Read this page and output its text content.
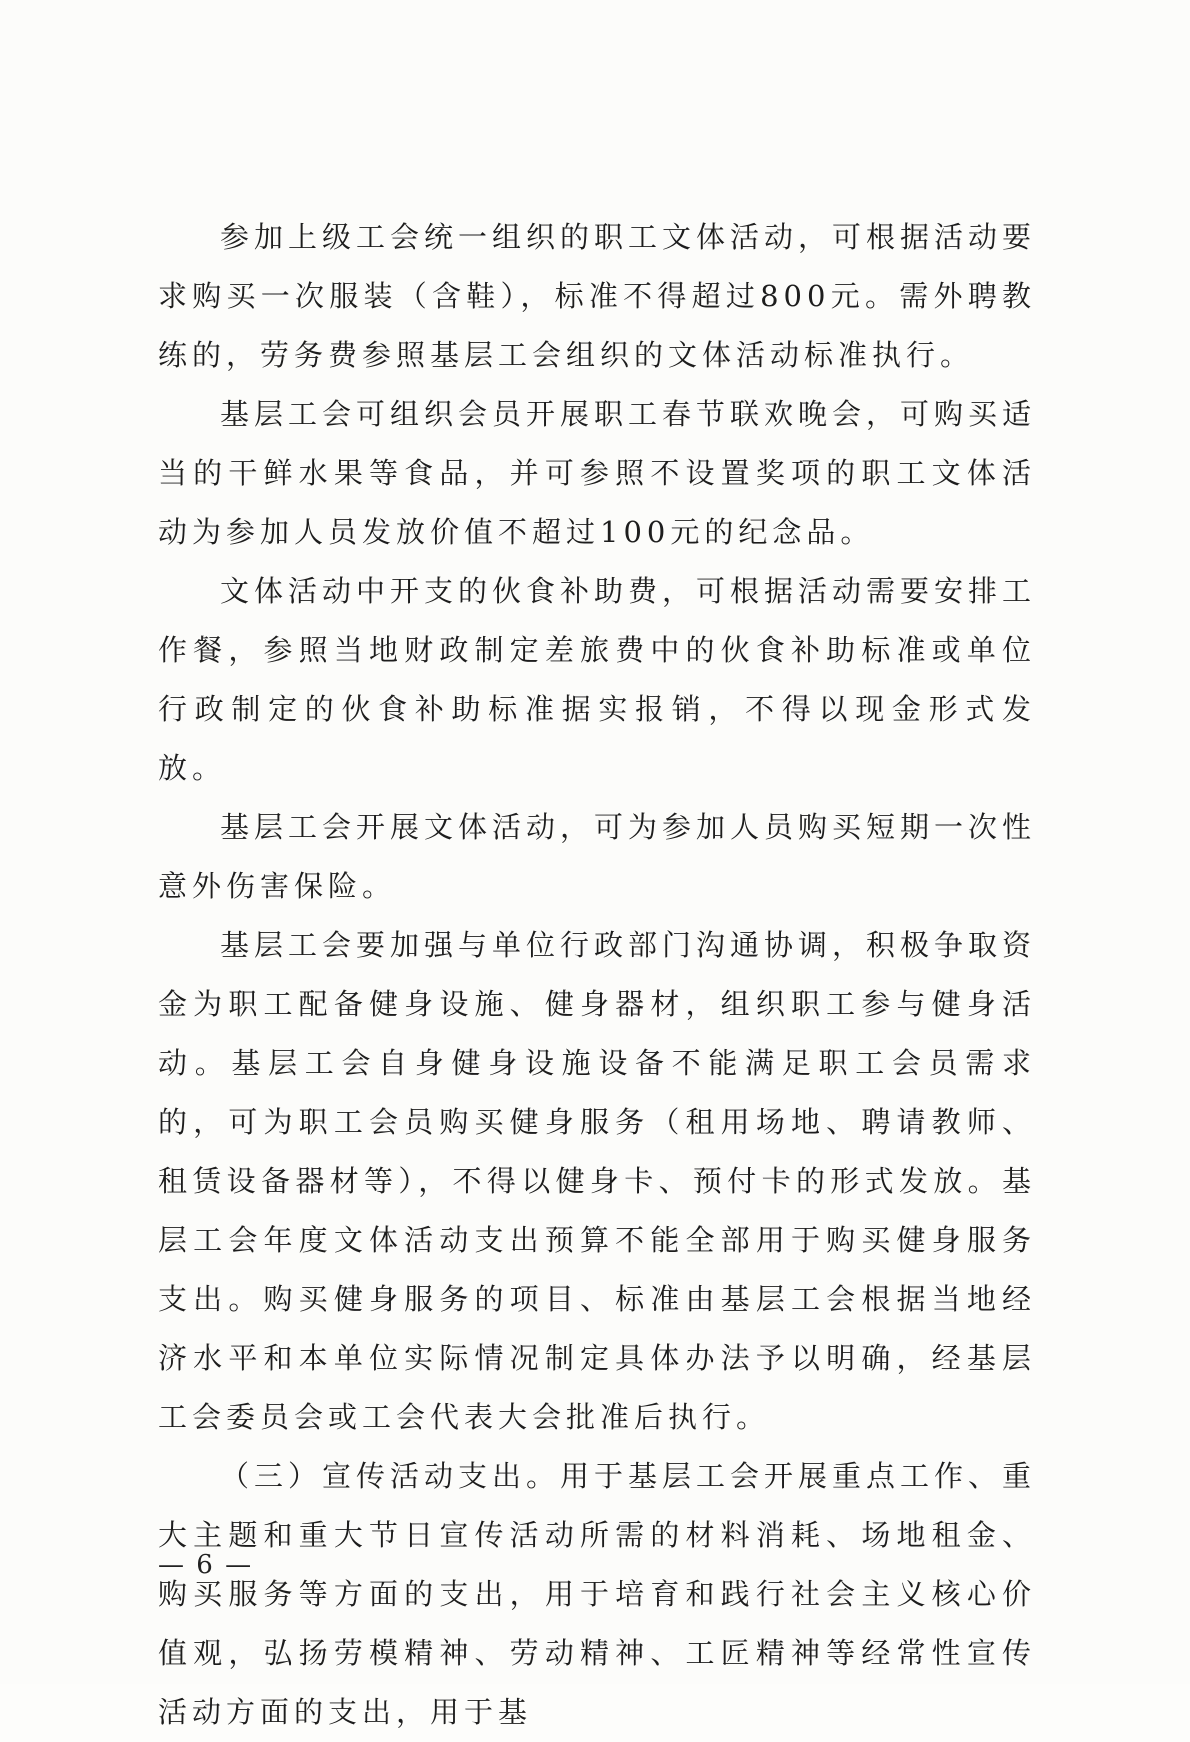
参加上级工会统一组织的职工文体活动，可根据活动要求购买一次服装（含鞋），标准不得超过800元。需外聘教练的，劳务费参照基层工会组织的文体活动标准执行。

基层工会可组织会员开展职工春节联欢晚会，可购买适当的干鲜水果等食品，并可参照不设置奖项的职工文体活动为参加人员发放价值不超过100元的纪念品。

文体活动中开支的伙食补助费，可根据活动需要安排工作餐，参照当地财政制定差旅费中的伙食补助标准或单位行政制定的伙食补助标准据实报销，不得以现金形式发放。

基层工会开展文体活动，可为参加人员购买短期一次性意外伤害保险。

基层工会要加强与单位行政部门沟通协调，积极争取资金为职工配备健身设施、健身器材，组织职工参与健身活动。基层工会自身健身设施设备不能满足职工会员需求的，可为职工会员购买健身服务（租用场地、聘请教师、租赁设备器材等），不得以健身卡、预付卡的形式发放。基层工会年度文体活动支出预算不能全部用于购买健身服务支出。购买健身服务的项目、标准由基层工会根据当地经济水平和本单位实际情况制定具体办法予以明确，经基层工会委员会或工会代表大会批准后执行。

（三）宣传活动支出。用于基层工会开展重点工作、重大主题和重大节日宣传活动所需的材料消耗、场地租金、购买服务等方面的支出，用于培育和践行社会主义核心价值观，弘扬劳模精神、劳动精神、工匠精神等经常性宣传活动方面的支出，用于基

— 6 —
